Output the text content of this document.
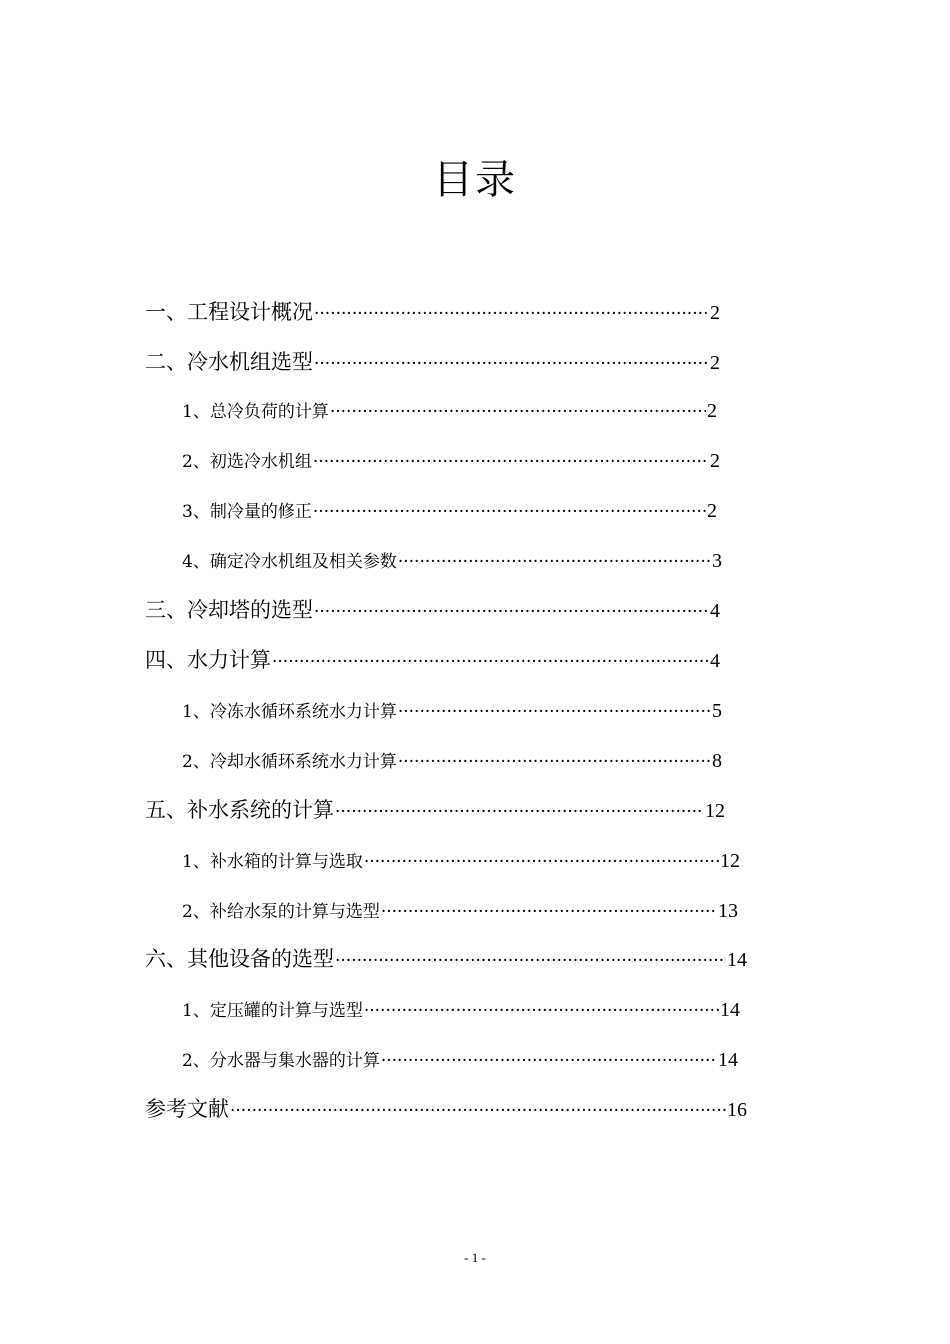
目录
一、工程设计概况 ·····	2
二、冷水机组选型 ·····	2
1、总冷负荷的计算 ·····	2
2、初选冷水机组 ·····	2
3、制冷量的修正 ·····	2
4、确定冷水机组及相关参数 ·····	3
三、冷却塔的选型 ·····	4
四、水力计算 ·····	4
1、冷冻水循环系统水力计算 ·····	5
2、冷却水循环系统水力计算 ·····	8
五、补水系统的计算 ·····	12
1、补水箱的计算与选取 ·····	12
2、补给水泵的计算与选型 ·····	13
六、其他设备的选型 ·····	14
1、定压罐的计算与选型 ·····	14
2、分水器与集水器的计算 ·····	14
参考文献 ·····	16
- 1 -
